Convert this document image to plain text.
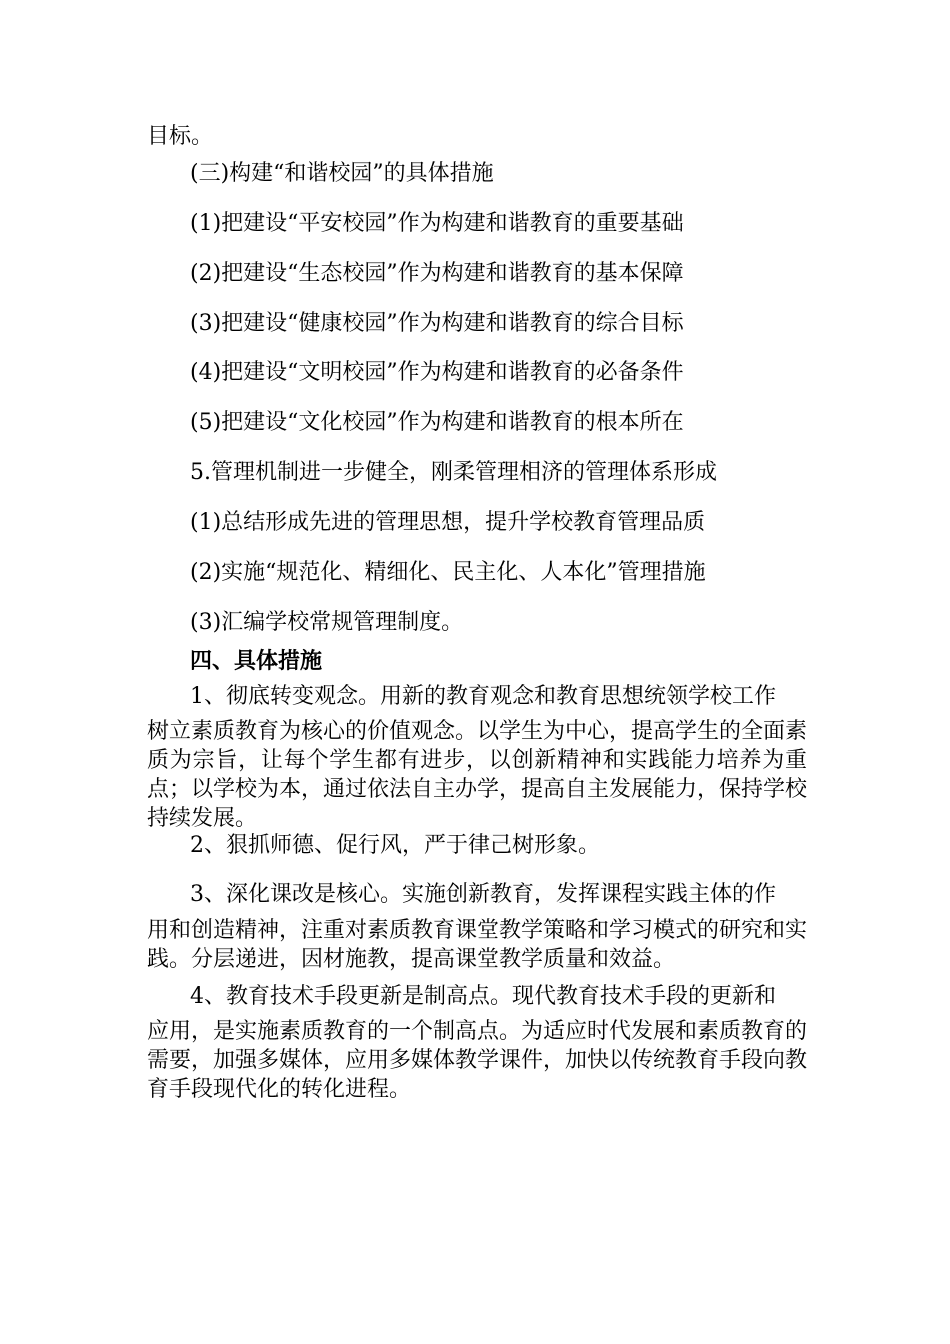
目标。

(三)构建“和谐校园”的具体措施

(1)把建设“平安校园”作为构建和谐教育的重要基础

(2)把建设“生态校园”作为构建和谐教育的基本保障

(3)把建设“健康校园”作为构建和谐教育的综合目标

(4)把建设“文明校园”作为构建和谐教育的必备条件

(5)把建设“文化校园”作为构建和谐教育的根本所在

5.管理机制进一步健全，刚柔管理相济的管理体系形成

(1)总结形成先进的管理思想，提升学校教育管理品质

(2)实施“规范化、精细化、民主化、人本化”管理措施

(3)汇编学校常规管理制度。

四、具体措施

1、彻底转变观念。用新的教育观念和教育思想统领学校工作

树立素质教育为核心的价值观念。以学生为中心，提高学生的全面素质为宗旨，让每个学生都有进步，以创新精神和实践能力培养为重点；以学校为本，通过依法自主办学，提高自主发展能力，保持学校持续发展。

2、狠抓师德、促行风，严于律己树形象。

3、深化课改是核心。实施创新教育，发挥课程实践主体的作

用和创造精神，注重对素质教育课堂教学策略和学习模式的研究和实践。分层递进，因材施教，提高课堂教学质量和效益。

4、教育技术手段更新是制高点。现代教育技术手段的更新和

应用，是实施素质教育的一个制高点。为适应时代发展和素质教育的需要，加强多媒体，应用多媒体教学课件，加快以传统教育手段向教育手段现代化的转化进程。
